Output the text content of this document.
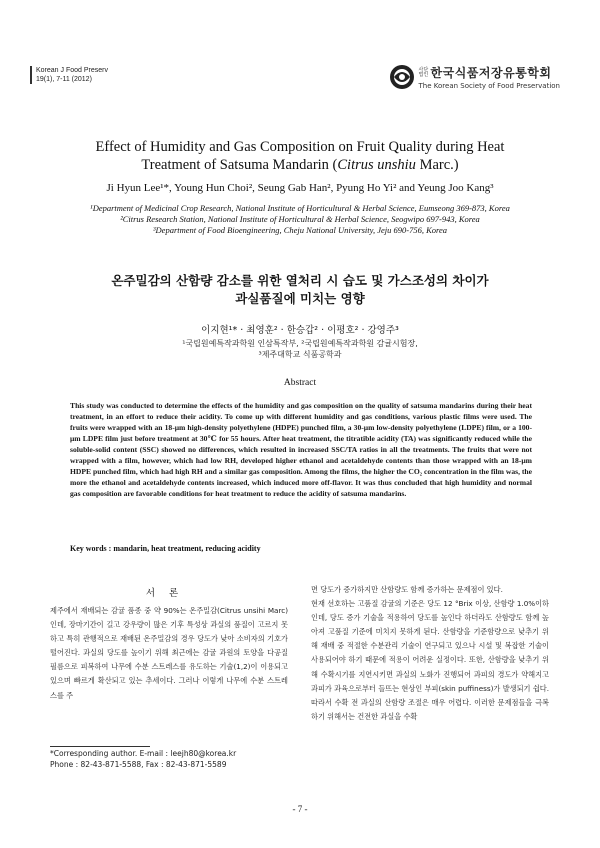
Korean J Food Preserv
19(1), 7-11 (2012)
사단법인 한국식품저장유통학회
The Korean Society of Food Preservation
Effect of Humidity and Gas Composition on Fruit Quality during Heat
Treatment of Satsuma Mandarin (Citrus unshiu Marc.)
Ji Hyun Lee¹*, Young Hun Choi², Seung Gab Han², Pyung Ho Yi² and Yeung Joo Kang³
¹Department of Medicinal Crop Research, National Institute of Horticultural & Herbal Science, Eumseong 369-873, Korea
²Citrus Research Station, National Institute of Horticultural & Herbal Science, Seogwipo 697-943, Korea
³Department of Food Bioengineering, Cheju National University, Jeju 690-756, Korea
온주밀감의 산함량 감소를 위한 열처리 시 습도 및 가스조성의 차이가
과실품질에 미치는 영향
이지현¹* · 최영훈² · 한승갑² · 이평호² · 강영주³
¹국립원예특작과학원 인삼특작부, ²국립원예특작과학원 감귤시험장,
³제주대학교 식품공학과
Abstract
This study was conducted to determine the effects of the humidity and gas composition on the quality of satsuma mandarins during their heat treatment, in an effort to reduce their acidity. To come up with different humidity and gas conditions, various plastic films were used. The fruits were wrapped with an 18-μm high-density polyethylene (HDPE) punched film, a 30-μm low-density polyethylene (LDPE) film, or a 100-μm LDPE film just before treatment at 30℃ for 55 hours. After heat treatment, the titratible acidity (TA) was significantly reduced while the soluble-solid content (SSC) showed no differences, which resulted in increased SSC/TA ratios in all the treatments. The fruits that were not wrapped with a film, however, which had low RH, developed higher ethanol and acetaldehyde contents than those wrapped with an 18-μm HDPE punched film, which had high RH and a similar gas composition. Among the films, the higher the CO₂ concentration in the film was, the more the ethanol and acetaldehyde contents increased, which induced more off-flavor. It was thus concluded that high humidity and normal gas composition are favorable conditions for heat treatment to reduce the acidity of satsuma mandarins.
Key words : mandarin, heat treatment, reducing acidity
서론
제주에서 재배되는 감귤 품종 중 약 90%는 온주밀감(Citrus unsihi Marc)인데, 장마기간이 길고 강우량이 많은 기후 특성상 과실의 품질이 고르지 못하고 특히 관행적으로 재배된 온주밀감의 경우 당도가 낮아 소비자의 기호가 떨어진다. 과실의 당도를 높이기 위해 최근에는 감귤 과원의 토양을 다공질 필름으로 피복하여 나무에 수분 스트레스를 유도하는 기술(1,2)이 이용되고 있으며 빠르게 확산되고 있는 추세이다. 그러나 이렇게 나무에 수분 스트레스를 주
면 당도가 증가하지만 산함량도 함께 증가하는 문제점이 있다.
현재 선호하는 고품질 감귤의 기준은 당도 12 °Brix 이상, 산함량 1.0%이하인데, 당도 증가 기술을 적용하여 당도를 높인다 하더라도 산함량도 함께 높아져 고품질 기준에 미치지 못하게 된다. 산함량을 기준함량으로 낮추기 위해 재배 중 적절한 수분관리 기술이 연구되고 있으나 시설 및 복잡한 기술이 사용되어야 하기 때문에 적용이 어려운 실정이다. 또한, 산함량을 낮추기 위해 수확시기를 지연시키면 과실의 노화가 진행되어 과피의 경도가 약해지고 과피가 과육으로부터 들뜨는 현상인 부피(skin puffiness)가 발생되기 쉽다. 따라서 수확 전 과실의 산함량 조절은 매우 어렵다. 이러한 문제점들을 극복하기 위해서는 건전한 과실을 수확
*Corresponding author. E-mail : leejh80@korea.kr
Phone : 82-43-871-5588, Fax : 82-43-871-5589
- 7 -
